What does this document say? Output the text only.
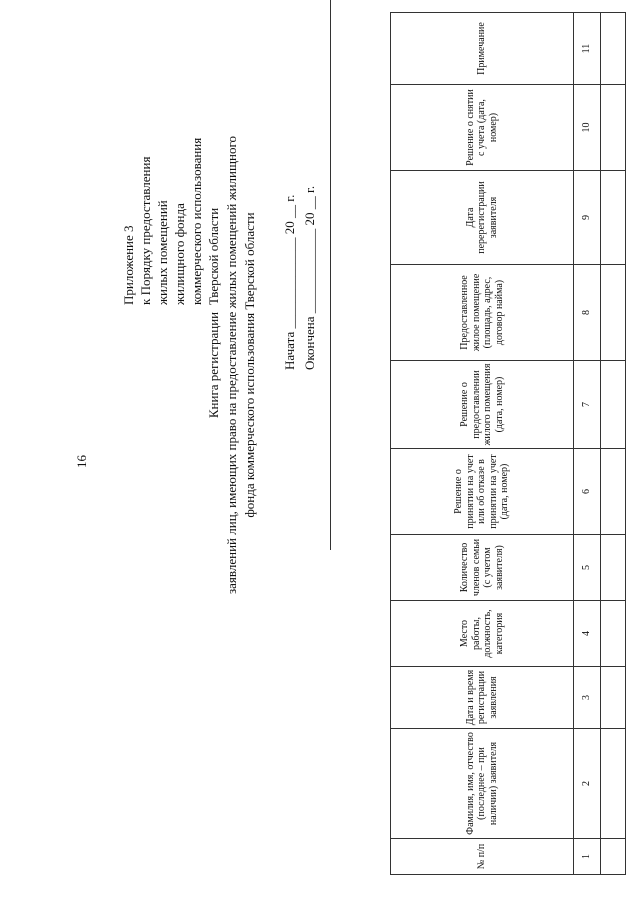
16
Приложение 3 к Порядку предоставления жилых помещений жилищного фонда коммерческого использования Тверской области
Книга регистрации заявлений лиц, имеющих право на предоставление жилых помещений жилищного фонда коммерческого использования Тверской области Начата ______________ 20 __ г. Окончена _____________ 20 __ г.
№ п/п	Фамилия, имя, отчество (последнее – при наличии) заявителя	Дата и время регистрации заявления	Место работы, должность, категория	Количество членов семьи (с учетом заявителя)	Решение о принятии на учет или об отказе в принятии на учет (дата, номер)	Решение о предоставлении жилого помещения (дата, номер)	Предоставленное жилое помещение (площадь, адрес, договор найма)	Дата перерегистрации заявителя	Решение о снятии с учета (дата, номер)	Примечание
1	2	3	4	5	6	7	8	9	10	11
